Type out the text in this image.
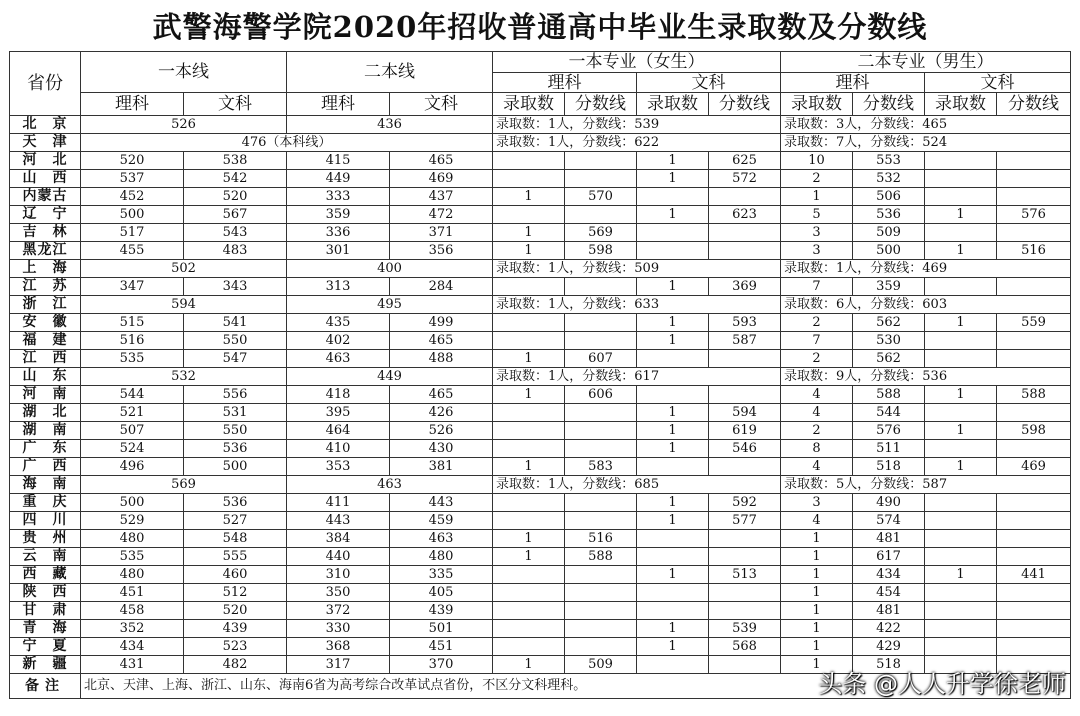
武警海警学院2020年招收普通高中毕业生录取数及分数线
省份	一本线		二本线		一本专业（女生）				二本专业（男生）			
					理科		文科		理科		文科	
	理科	文科	理科	文科	录取数	分数线	录取数	分数线	录取数	分数线	录取数	分数线
北　京	526		436		录取数：1人，分数线：539				录取数：3人，分数线：465			
天　津	476（本科线）				录取数：1人，分数线：622				录取数：7人，分数线：524			
河　北	520	538	415	465			1	625	10	553		
山　西	537	542	449	469			1	572	2	532		
内蒙古	452	520	333	437	1	570			1	506		
辽　宁	500	567	359	472			1	623	5	536	1	576
吉　林	517	543	336	371	1	569			3	509		
黑龙江	455	483	301	356	1	598			3	500	1	516
上　海	502		400		录取数：1人，分数线：509				录取数：1人，分数线：469			
江　苏	347	343	313	284			1	369	7	359		
浙　江	594		495		录取数：1人，分数线：633				录取数：6人，分数线：603			
安　徽	515	541	435	499			1	593	2	562	1	559
福　建	516	550	402	465			1	587	7	530		
江　西	535	547	463	488	1	607			2	562		
山　东	532		449		录取数：1人，分数线：617				录取数：9人，分数线：536			
河　南	544	556	418	465	1	606			4	588	1	588
湖　北	521	531	395	426			1	594	4	544		
湖　南	507	550	464	526			1	619	2	576	1	598
广　东	524	536	410	430			1	546	8	511		
广　西	496	500	353	381	1	583			4	518	1	469
海　南	569		463		录取数：1人，分数线：685				录取数：5人，分数线：587			
重　庆	500	536	411	443			1	592	3	490		
四　川	529	527	443	459			1	577	4	574		
贵　州	480	548	384	463	1	516			1	481		
云　南	535	555	440	480	1	588			1	617		
西　藏	480	460	310	335			1	513	1	434	1	441
陕　西	451	512	350	405					1	454		
甘　肃	458	520	372	439					1	481		
青　海	352	439	330	501			1	539	1	422		
宁　夏	434	523	368	451			1	568	1	429		
新　疆	431	482	317	370	1	509			1	518		
备注	北京、天津、上海、浙江、山东、海南6省为高考综合改革试点省份，不区分文科理科。												头条 @人人升学徐老师
